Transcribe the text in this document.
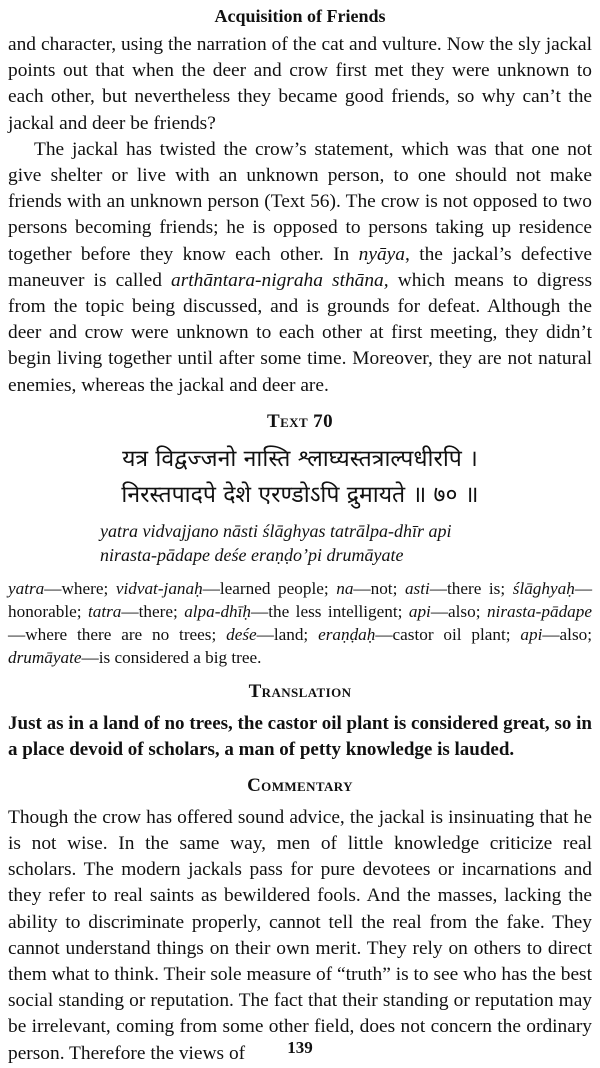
Acquisition of Friends

and character, using the narration of the cat and vulture. Now the sly jackal points out that when the deer and crow first met they were unknown to each other, but nevertheless they became good friends, so why can’t the jackal and deer be friends?

The jackal has twisted the crow’s statement, which was that one not give shelter or live with an unknown person, to one should not make friends with an unknown person (Text 56). The crow is not opposed to two persons becoming friends; he is opposed to persons taking up residence together before they know each other. In nyāya, the jackal’s defective maneuver is called arthāntara-nigraha sthāna, which means to digress from the topic being discussed, and is grounds for defeat. Although the deer and crow were unknown to each other at first meeting, they didn’t begin living together until after some time. Moreover, they are not natural enemies, whereas the jackal and deer are.

Text 70
यत्र विद्वज्जनो नास्ति श्लाघ्यस्तत्राल्पधीरपि ।
निरस्तपादपे देशे एरण्डोऽपि द्रुमायते ॥ ७० ॥
yatra vidvajjano nāsti ślāghyas tatrālpa-dhīr api
nirasta-pādape deśe eraṇḍo’pi drumāyate

yatra—where; vidvat-janaḥ—learned people; na—not; asti—there is; ślāghyaḥ—honorable; tatra—there; alpa-dhīḥ—the less intelligent; api—also; nirasta-pādape—where there are no trees; deśe—land; eraṇḍaḥ—castor oil plant; api—also; drumāyate—is considered a big tree.

Translation

Just as in a land of no trees, the castor oil plant is considered great, so in a place devoid of scholars, a man of petty knowledge is lauded.

Commentary

Though the crow has offered sound advice, the jackal is insinuating that he is not wise. In the same way, men of little knowledge criticize real scholars. The modern jackals pass for pure devotees or incarnations and they refer to real saints as bewildered fools. And the masses, lacking the ability to discriminate properly, cannot tell the real from the fake. They cannot understand things on their own merit. They rely on others to direct them what to think. Their sole measure of “truth” is to see who has the best social standing or reputation. The fact that their standing or reputation may be irrelevant, coming from some other field, does not concern the ordinary person. Therefore the views of	139
